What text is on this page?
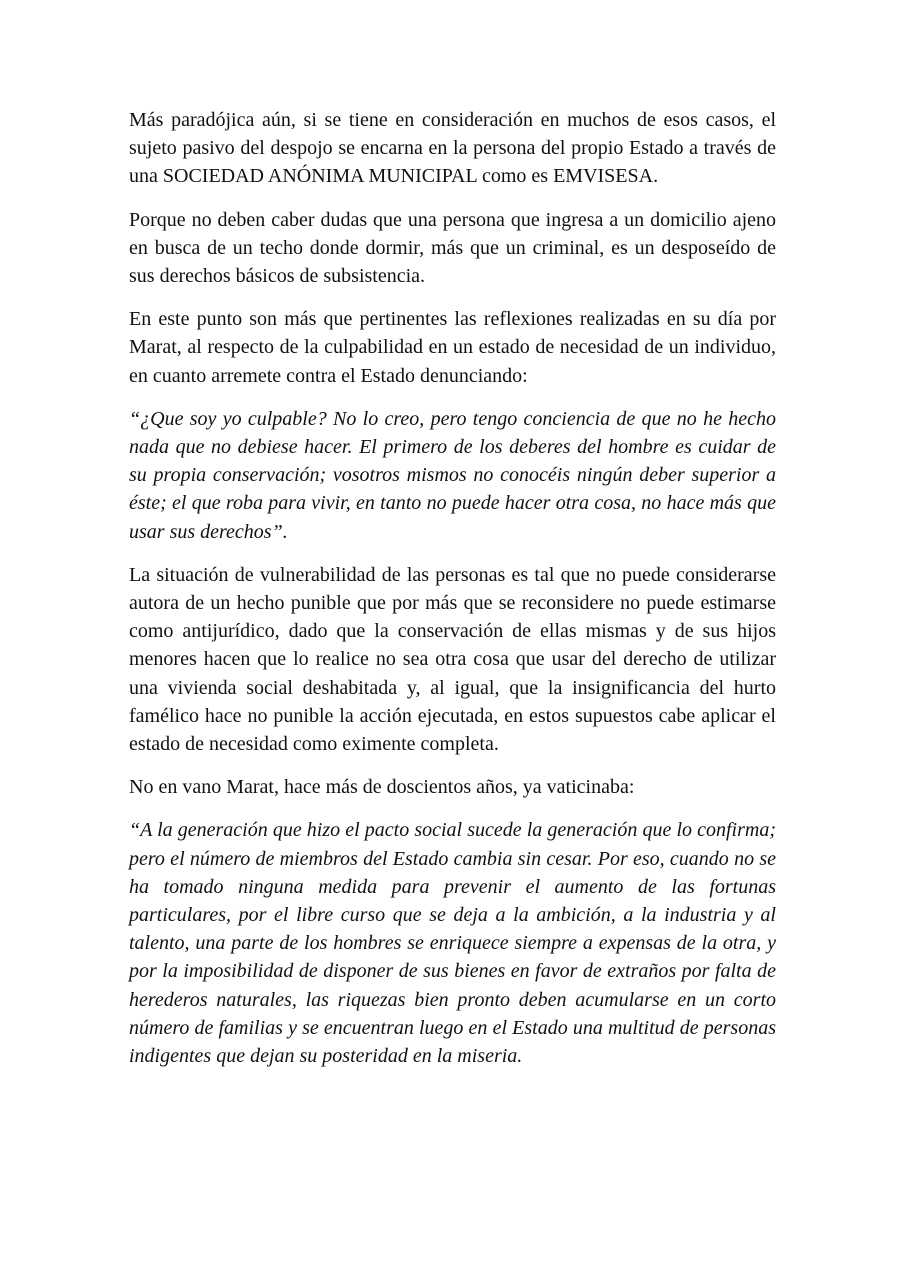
Más paradójica aún, si se tiene en consideración en muchos de esos casos, el sujeto pasivo del despojo se encarna en la persona del propio Estado a través de una SOCIEDAD ANÓNIMA MUNICIPAL como es EMVISESA.

Porque no deben caber dudas que una persona que ingresa a un domicilio ajeno en busca de un techo donde dormir, más que un criminal, es un desposeído de sus derechos básicos de subsistencia.

En este punto son más que pertinentes las reflexiones realizadas en su día por Marat, al respecto de la culpabilidad en un estado de necesidad de un individuo, en cuanto arremete contra el Estado denunciando:

“¿Que soy yo culpable? No lo creo, pero tengo conciencia de que no he hecho nada que no debiese hacer. El primero de los deberes del hombre es cuidar de su propia conservación; vosotros mismos no conocéis ningún deber superior a éste; el que roba para vivir, en tanto no puede hacer otra cosa, no hace más que usar sus derechos”.

La situación de vulnerabilidad de las personas es tal que no puede considerarse autora de un hecho punible que por más que se reconsidere no puede estimarse como antijurídico, dado que la conservación de ellas mismas y de sus hijos menores hacen que lo realice no sea otra cosa que usar del derecho de utilizar una vivienda social deshabitada y, al igual, que la insignificancia del hurto famélico hace no punible la acción ejecutada, en estos supuestos cabe aplicar el estado de necesidad como eximente completa.

No en vano Marat, hace más de doscientos años, ya vaticinaba:

“A la generación que hizo el pacto social sucede la generación que lo confirma; pero el número de miembros del Estado cambia sin cesar. Por eso, cuando no se ha tomado ninguna medida para prevenir el aumento de las fortunas particulares, por el libre curso que se deja a la ambición, a la industria y al talento, una parte de los hombres se enriquece siempre a expensas de la otra, y por la imposibilidad de disponer de sus bienes en favor de extraños por falta de herederos naturales, las riquezas bien pronto deben acumularse en un corto número de familias y se encuentran luego en el Estado una multitud de personas indigentes que dejan su posteridad en la miseria.
